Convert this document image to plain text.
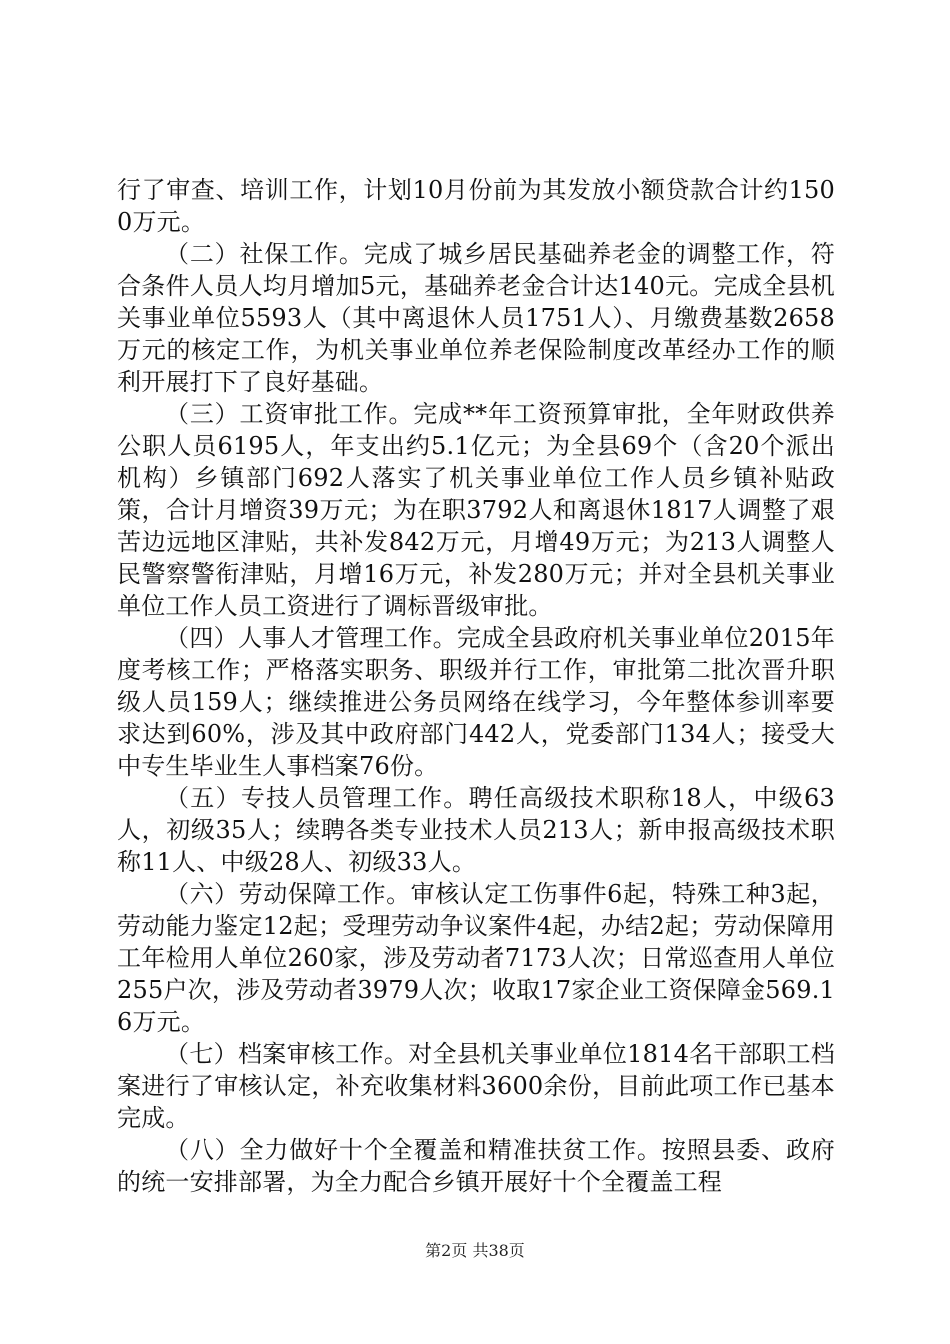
行了审查、培训工作，计划10月份前为其发放小额贷款合计约1500万元。

（二）社保工作。完成了城乡居民基础养老金的调整工作，符合条件人员人均月增加5元，基础养老金合计达140元。完成全县机关事业单位5593人（其中离退休人员1751人）、月缴费基数2658万元的核定工作，为机关事业单位养老保险制度改革经办工作的顺利开展打下了良好基础。

（三）工资审批工作。完成**年工资预算审批，全年财政供养公职人员6195人，年支出约5.1亿元；为全县69个（含20个派出机构）乡镇部门692人落实了机关事业单位工作人员乡镇补贴政策，合计月增资39万元；为在职3792人和离退休1817人调整了艰苦边远地区津贴，共补发842万元，月增49万元；为213人调整人民警察警衔津贴，月增16万元，补发280万元；并对全县机关事业单位工作人员工资进行了调标晋级审批。

（四）人事人才管理工作。完成全县政府机关事业单位2015年度考核工作；严格落实职务、职级并行工作，审批第二批次晋升职级人员159人；继续推进公务员网络在线学习，今年整体参训率要求达到60%，涉及其中政府部门442人，党委部门134人；接受大中专生毕业生人事档案76份。

（五）专技人员管理工作。聘任高级技术职称18人，中级63人，初级35人；续聘各类专业技术人员213人；新申报高级技术职称11人、中级28人、初级33人。

（六）劳动保障工作。审核认定工伤事件6起，特殊工种3起，劳动能力鉴定12起；受理劳动争议案件4起，办结2起；劳动保障用工年检用人单位260家，涉及劳动者7173人次；日常巡查用人单位255户次，涉及劳动者3979人次；收取17家企业工资保障金569.16万元。

（七）档案审核工作。对全县机关事业单位1814名干部职工档案进行了审核认定，补充收集材料3600余份，目前此项工作已基本完成。

（八）全力做好十个全覆盖和精准扶贫工作。按照县委、政府的统一安排部署，为全力配合乡镇开展好十个全覆盖工程

第2页 共38页
